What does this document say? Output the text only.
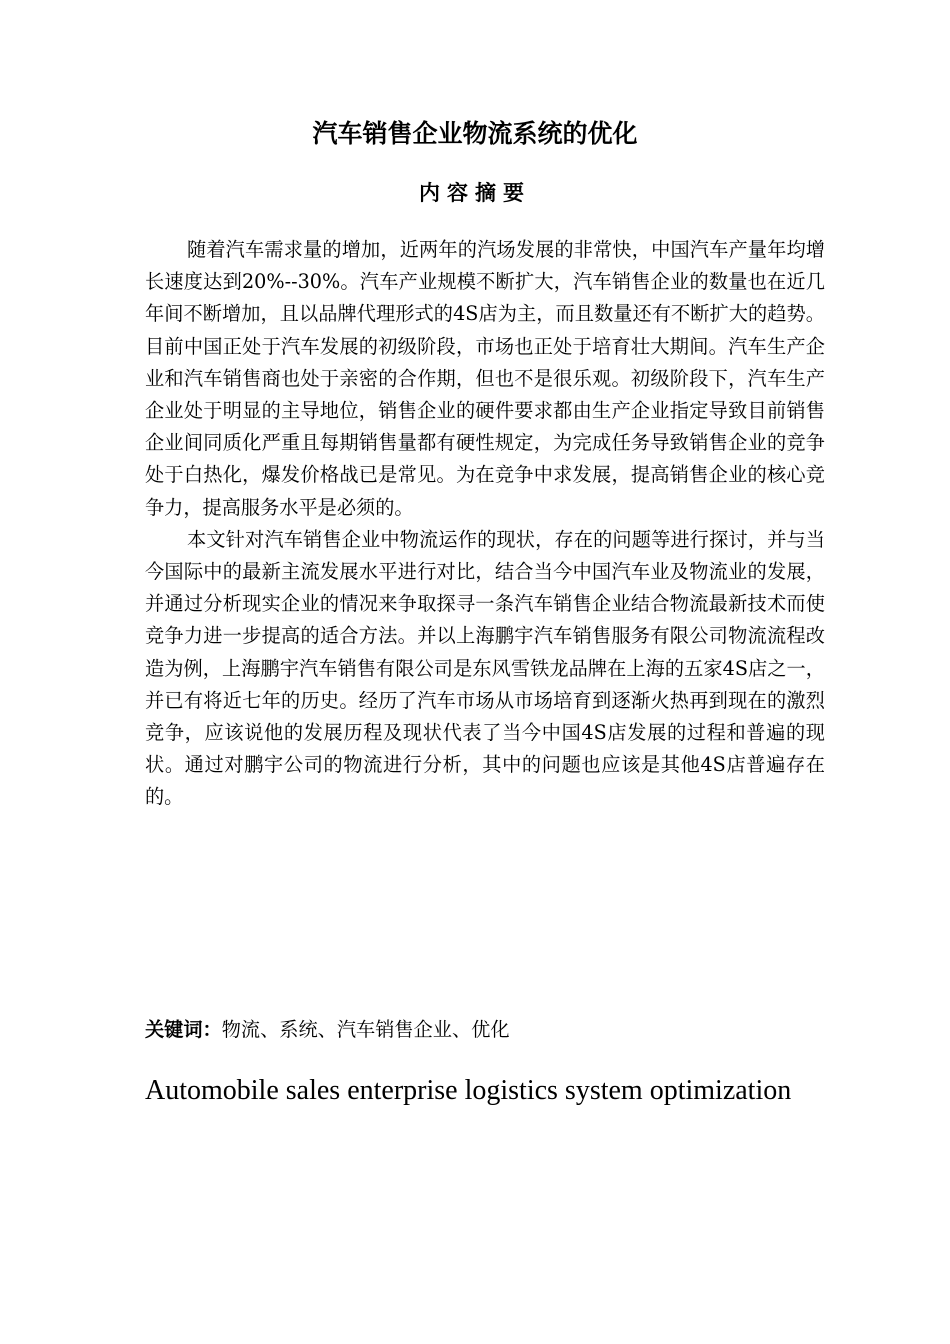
汽车销售企业物流系统的优化
内容摘要

随着汽车需求量的增加，近两年的汽场发展的非常快，中国汽车产量年均增长速度达到20%--30%。汽车产业规模不断扩大，汽车销售企业的数量也在近几年间不断增加，且以品牌代理形式的4S店为主，而且数量还有不断扩大的趋势。目前中国正处于汽车发展的初级阶段，市场也正处于培育壮大期间。汽车生产企业和汽车销售商也处于亲密的合作期，但也不是很乐观。初级阶段下，汽车生产企业处于明显的主导地位，销售企业的硬件要求都由生产企业指定导致目前销售企业间同质化严重且每期销售量都有硬性规定，为完成任务导致销售企业的竞争处于白热化，爆发价格战已是常见。为在竞争中求发展，提高销售企业的核心竞争力，提高服务水平是必须的。

本文针对汽车销售企业中物流运作的现状，存在的问题等进行探讨，并与当今国际中的最新主流发展水平进行对比，结合当今中国汽车业及物流业的发展，并通过分析现实企业的情况来争取探寻一条汽车销售企业结合物流最新技术而使竞争力进一步提高的适合方法。并以上海鹏宇汽车销售服务有限公司物流流程改造为例，上海鹏宇汽车销售有限公司是东风雪铁龙品牌在上海的五家4S店之一，并已有将近七年的历史。经历了汽车市场从市场培育到逐渐火热再到现在的激烈竞争，应该说他的发展历程及现状代表了当今中国4S店发展的过程和普遍的现状。通过对鹏宇公司的物流进行分析，其中的问题也应该是其他4S店普遍存在的。

关键词：物流、系统、汽车销售企业、优化

Automobile sales enterprise logistics system optimization
